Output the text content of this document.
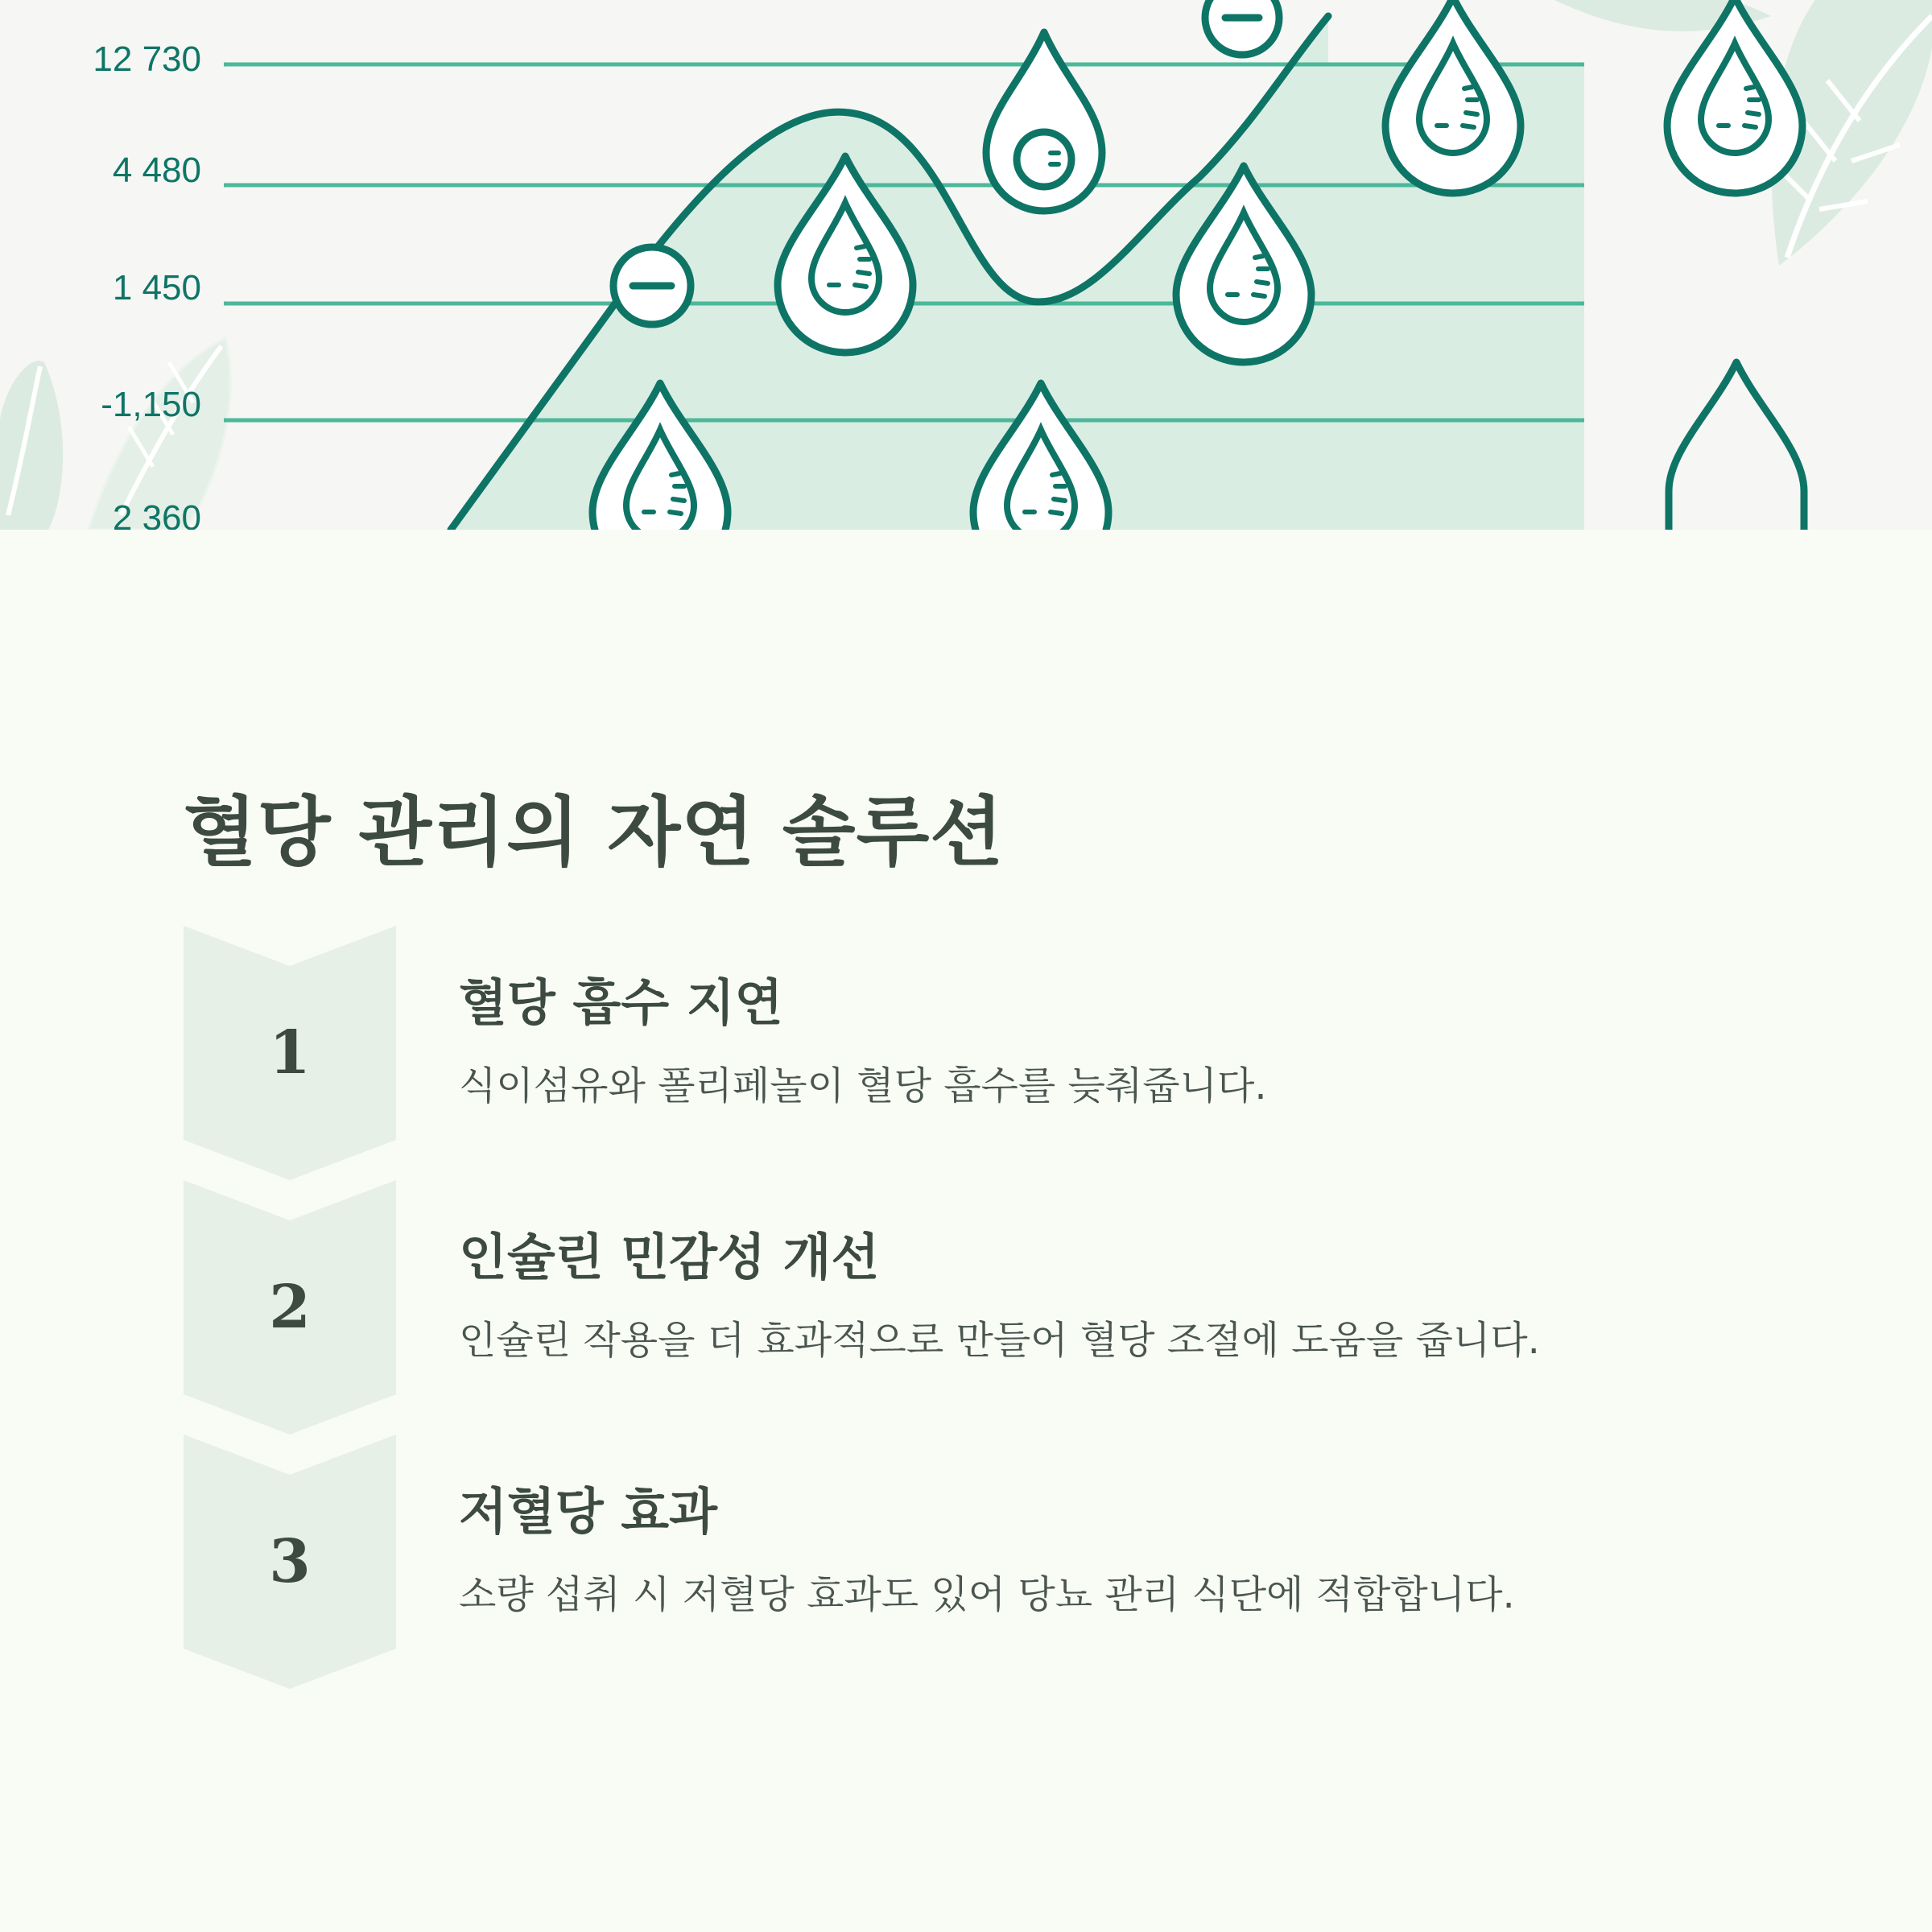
12 730
4 480
1 450
-1,150
2 360
혈당 관리의 자연 솔루션
1
혈당 흡수 지연

식이섬유와 폴리페놀이 혈당 흡수를 늦춰줍니다.

2
인슐린 민감성 개선

인슐린 작용을 더 효과적으로 만들어 혈당 조절에 도움을 줍니다.

3
저혈당 효과

소량 섭취 시 저혈당 효과도 있어 당뇨 관리 식단에 적합합니다.
